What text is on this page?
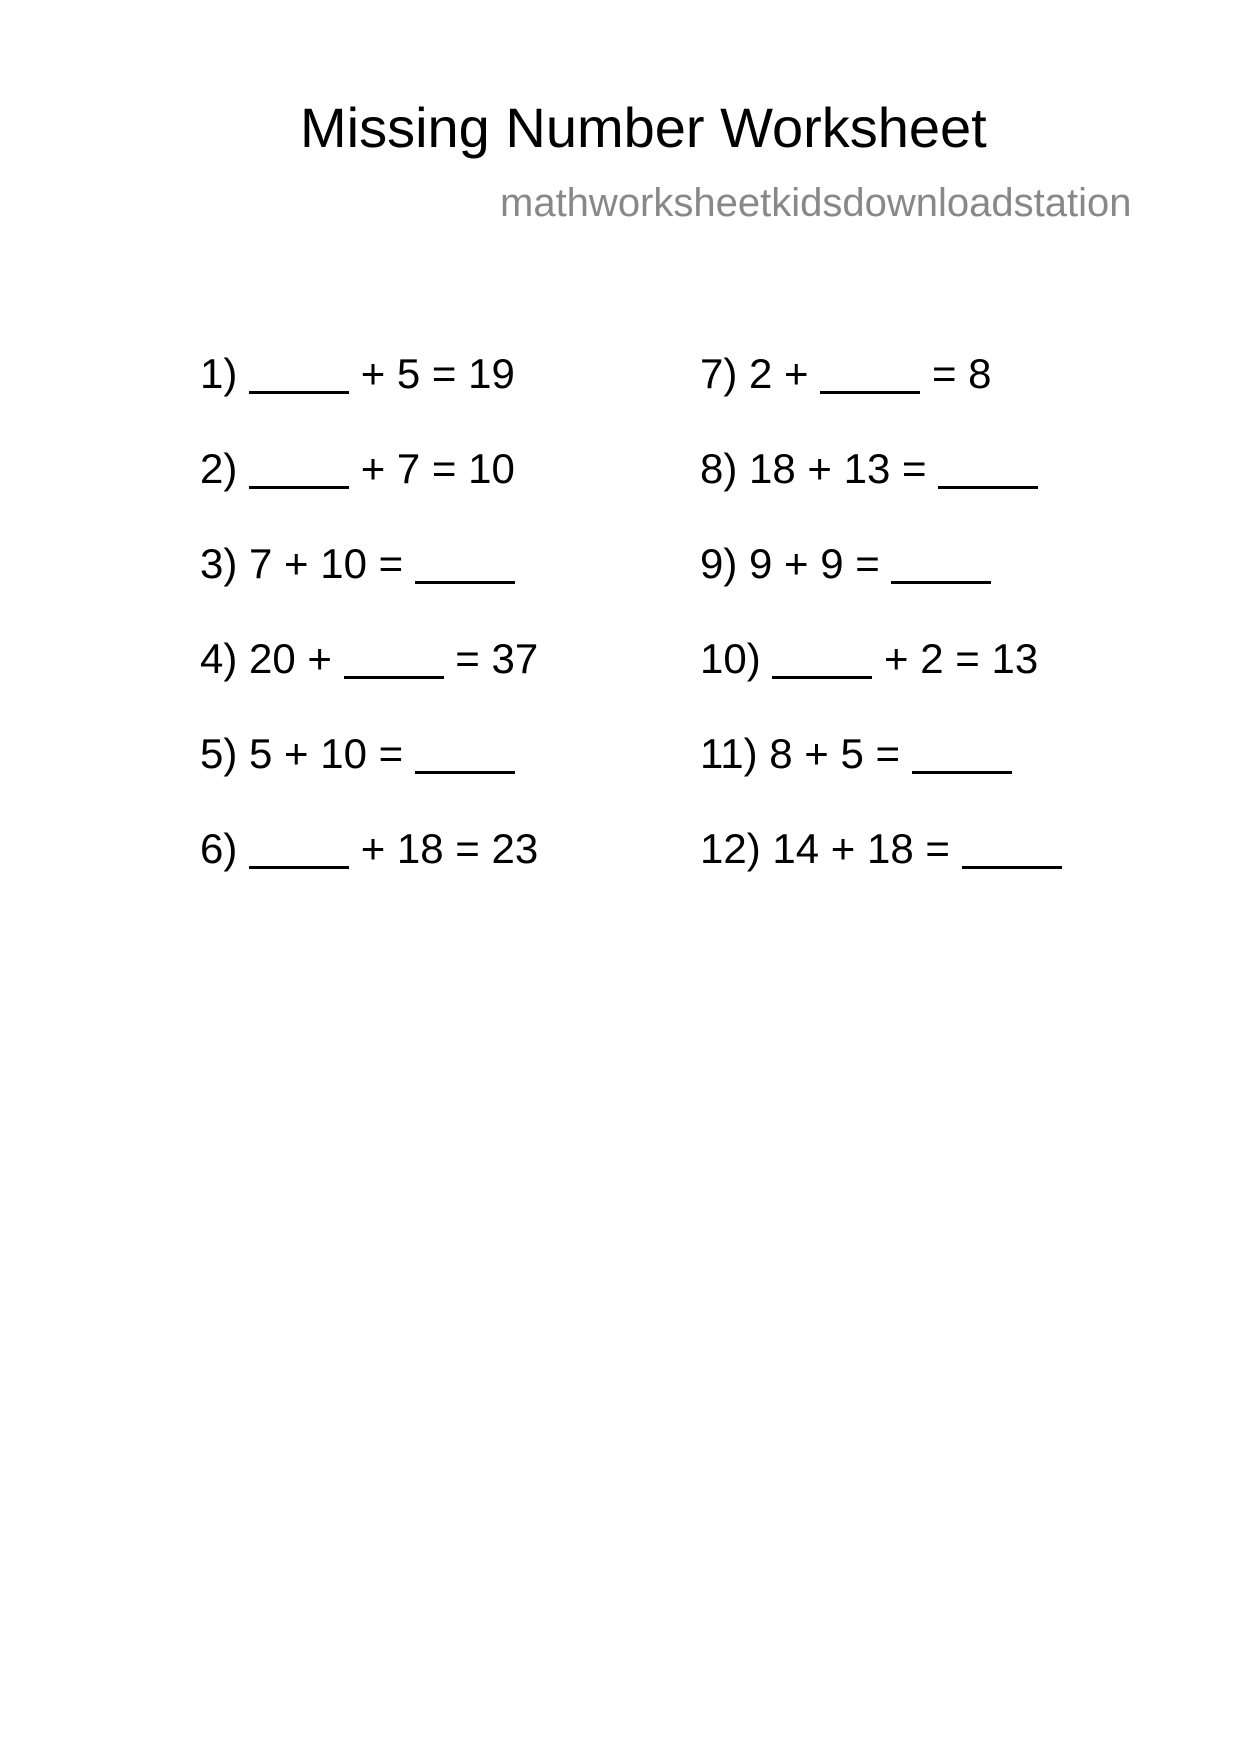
Missing Number Worksheet
mathworksheetkidsdownloadstation
1)	+ 5 = 19
2)	+ 7 = 10
3) 7 + 10 =
4) 20 +	= 37
5) 5 + 10 =
6)	+ 18 = 23
7) 2 +	= 8
8) 18 + 13 =
9) 9 + 9 =
10)	+ 2 = 13
11) 8 + 5 =
12) 14 + 18 =
